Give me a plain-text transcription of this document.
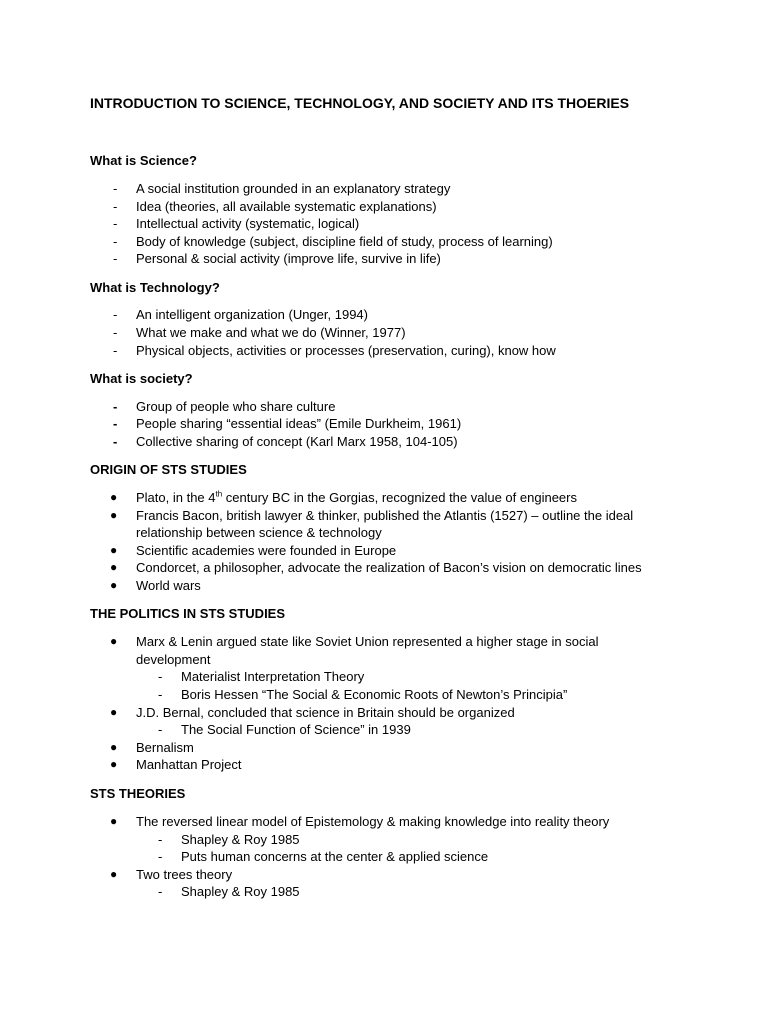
INTRODUCTION TO SCIENCE, TECHNOLOGY, AND SOCIETY AND ITS THOERIES
What is Science?
- A social institution grounded in an explanatory strategy
- Idea (theories, all available systematic explanations)
- Intellectual activity (systematic, logical)
- Body of knowledge (subject, discipline field of study, process of learning)
- Personal & social activity (improve life, survive in life)
What is Technology?
- An intelligent organization (Unger, 1994)
- What we make and what we do (Winner, 1977)
- Physical objects, activities or processes (preservation, curing), know how
What is society?
- Group of people who share culture
- People sharing “essential ideas” (Emile Durkheim, 1961)
- Collective sharing of concept (Karl Marx 1958, 104-105)
ORIGIN OF STS STUDIES
● Plato, in the 4th century BC in the Gorgias, recognized the value of engineers
● Francis Bacon, british lawyer & thinker, published the Atlantis (1527) – outline the ideal
relationship between science & technology
● Scientific academies were founded in Europe
● Condorcet, a philosopher, advocate the realization of Bacon’s vision on democratic lines
● World wars
THE POLITICS IN STS STUDIES
● Marx & Lenin argued state like Soviet Union represented a higher stage in social
development
- Materialist Interpretation Theory
- Boris Hessen “The Social & Economic Roots of Newton’s Principia”
● J.D. Bernal, concluded that science in Britain should be organized
- The Social Function of Science” in 1939
● Bernalism
● Manhattan Project
STS THEORIES
● The reversed linear model of Epistemology & making knowledge into reality theory
- Shapley & Roy 1985
- Puts human concerns at the center & applied science
● Two trees theory
- Shapley & Roy 1985
